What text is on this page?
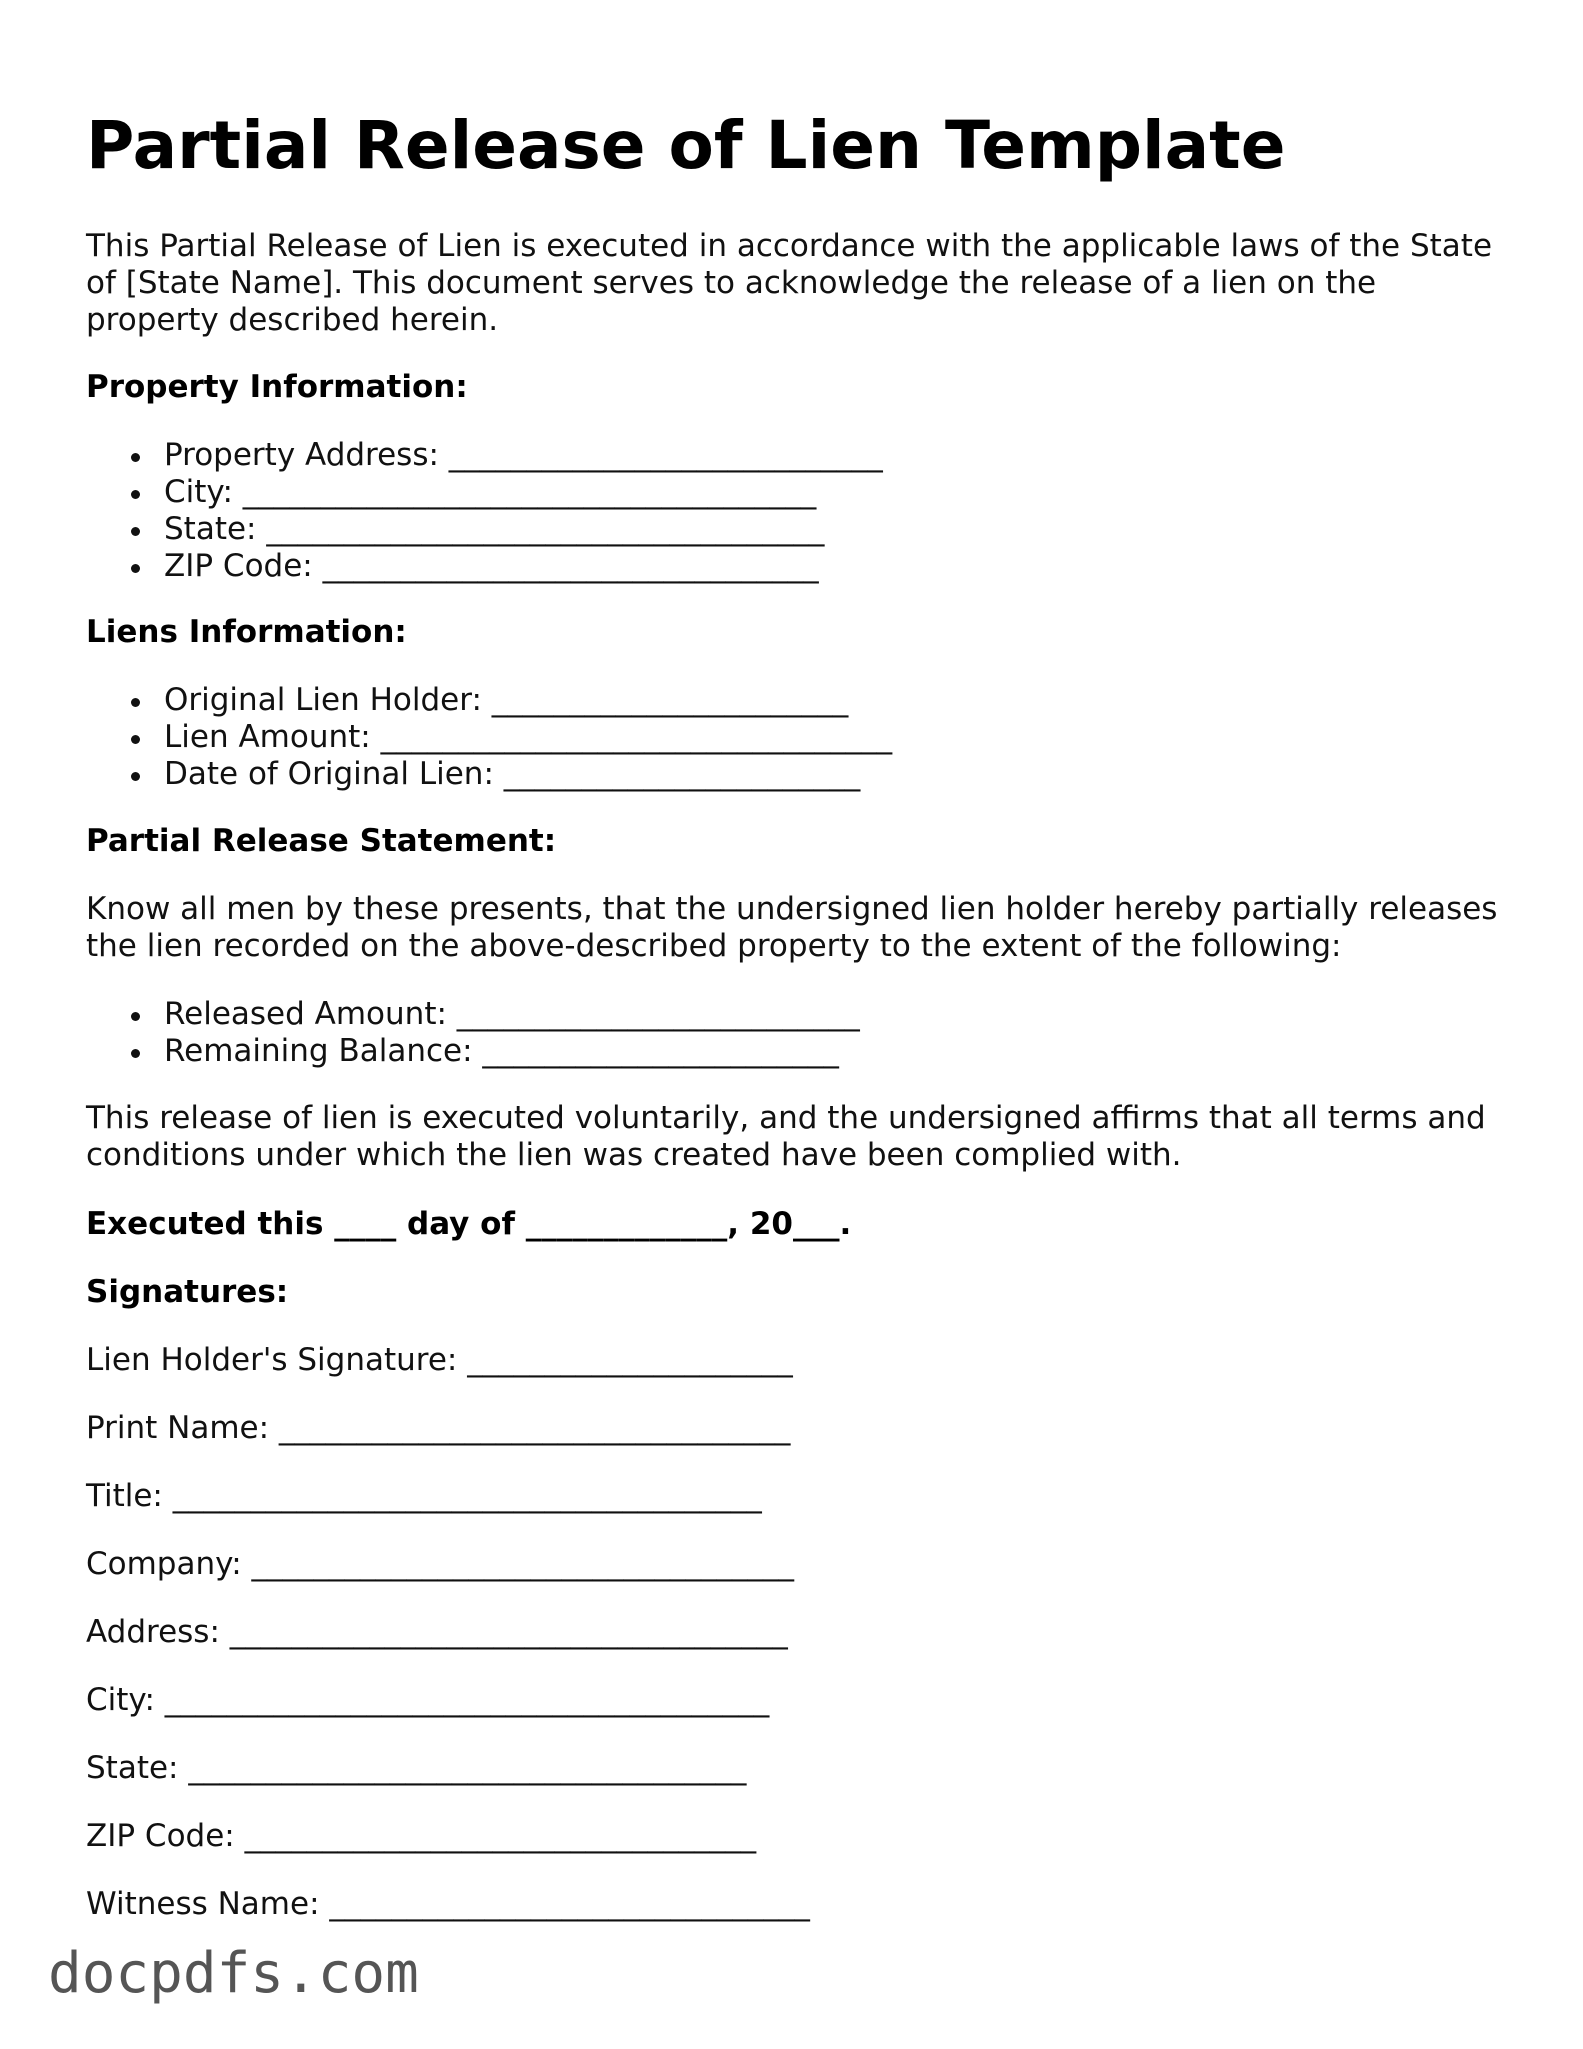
Partial Release of Lien Template

This Partial Release of Lien is executed in accordance with the applicable laws of the State of [State Name]. This document serves to acknowledge the release of a lien on the property described herein.

Property Information:

Property Address: ____________________________
City: _____________________________________
State: ____________________________________
ZIP Code: ________________________________

Liens Information:

Original Lien Holder: _______________________
Lien Amount: _________________________________
Date of Original Lien: _______________________

Partial Release Statement:

Know all men by these presents, that the undersigned lien holder hereby partially releases the lien recorded on the above-described property to the extent of the following:

Released Amount: __________________________
Remaining Balance: _______________________

This release of lien is executed voluntarily, and the undersigned affirms that all terms and conditions under which the lien was created have been complied with.

Executed this ____ day of _____________, 20___.

Signatures:

Lien Holder's Signature: _____________________

Print Name: _________________________________

Title: ______________________________________

Company: ___________________________________

Address: ____________________________________

City: _______________________________________

State: ____________________________________

ZIP Code: _________________________________

Witness Name: _______________________________

docpdfs.com
